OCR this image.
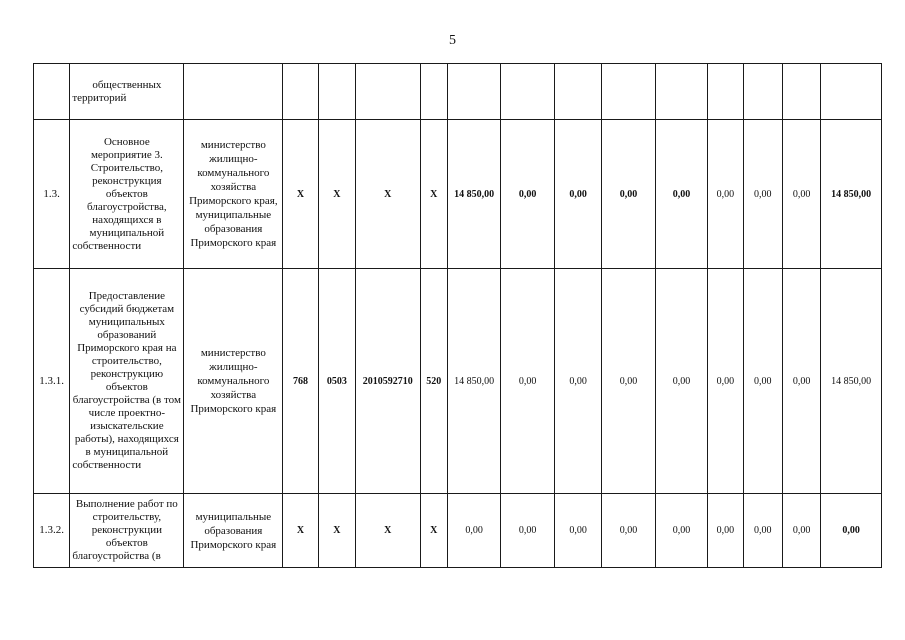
5
	общественных территорий														
1.3.	Основное мероприятие 3. Строительство, реконструкция объектов благоустройства, находящихся в муниципальной собственности	министерство жилищно-коммунального хозяйства Приморского края, муниципальные образования Приморского края	Х	Х	Х	Х	14 850,00	0,00	0,00	0,00	0,00	0,00	0,00	0,00	14 850,00
1.3.1.	Предоставление субсидий бюджетам муниципальных образований Приморского края на строительство, реконструкцию объектов благоустройства (в том числе проектно-изыскательские работы), находящихся в муниципальной собственности	министерство жилищно-коммунального хозяйства Приморского края	768	0503	2010592710	520	14 850,00	0,00	0,00	0,00	0,00	0,00	0,00	0,00	14 850,00
1.3.2.	Выполнение работ по строительству, реконструкции объектов благоустройства (в	муниципальные образования Приморского края	Х	Х	Х	Х	0,00	0,00	0,00	0,00	0,00	0,00	0,00	0,00	0,00
